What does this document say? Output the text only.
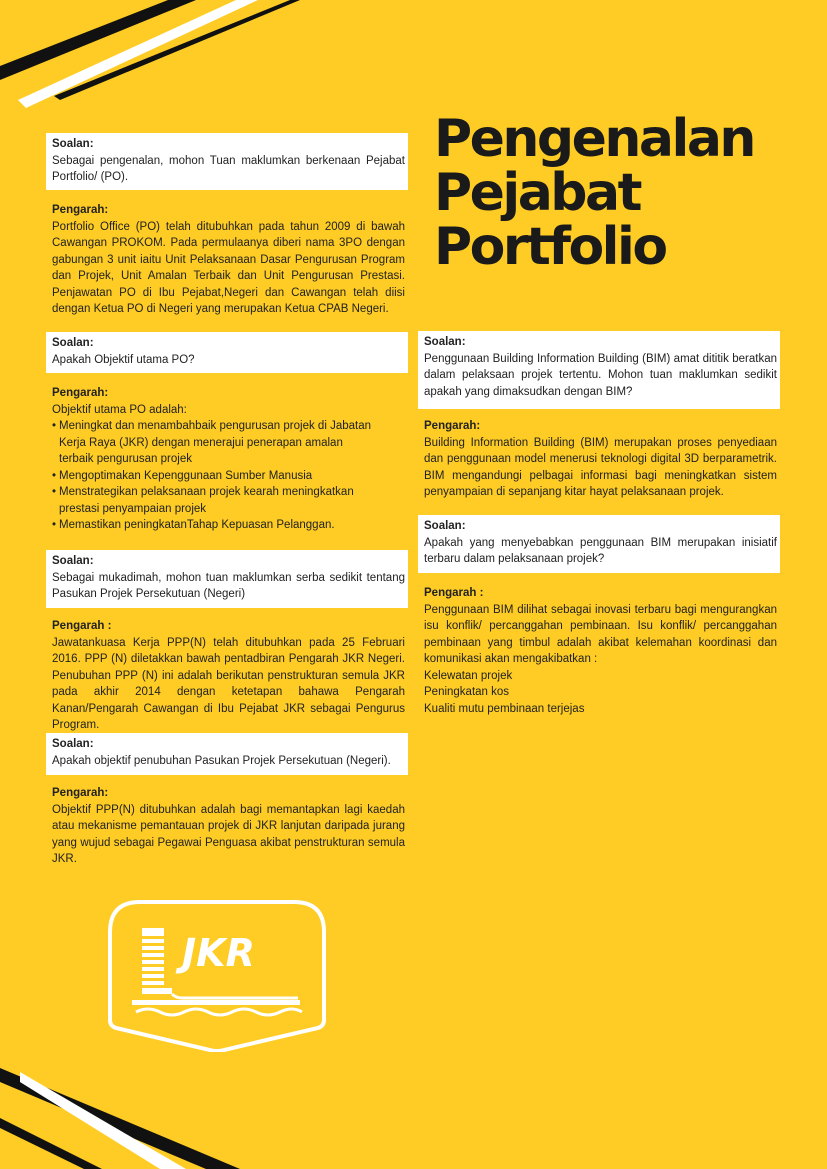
Pengenalan
Pejabat
Portfolio
Soalan:
Sebagai pengenalan, mohon Tuan maklumkan berkenaan Pejabat Portfolio/ (PO).
Pengarah:
Portfolio Office (PO) telah ditubuhkan pada tahun 2009 di bawah Cawangan PROKOM. Pada permulaanya diberi nama 3PO dengan gabungan 3 unit iaitu Unit Pelaksanaan Dasar Pengurusan Program dan Projek, Unit Amalan Terbaik dan Unit Pengurusan Prestasi. Penjawatan PO di Ibu Pejabat,Negeri dan Cawangan telah diisi dengan Ketua PO di Negeri yang merupakan Ketua CPAB Negeri.
Soalan:
Apakah Objektif utama PO?
Pengarah:
Objektif utama PO adalah:
• Meningkat dan menambahbaik pengurusan projek di Jabatan Kerja Raya (JKR) dengan menerajui penerapan amalan terbaik pengurusan projek
• Mengoptimakan Kepenggunaan Sumber Manusia
• Menstrategikan pelaksanaan projek kearah meningkatkan prestasi penyampaian projek
• Memastikan peningkatanTahap Kepuasan Pelanggan.
Soalan:
Sebagai mukadimah, mohon tuan maklumkan serba sedikit tentang Pasukan Projek Persekutuan (Negeri)
Pengarah :
Jawatankuasa Kerja PPP(N) telah ditubuhkan pada 25 Februari 2016. PPP (N) diletakkan bawah pentadbiran Pengarah JKR Negeri. Penubuhan PPP (N) ini adalah berikutan penstrukturan semula JKR pada akhir 2014 dengan ketetapan bahawa Pengarah Kanan/Pengarah Cawangan di Ibu Pejabat JKR sebagai Pengurus Program.
Soalan:
Apakah objektif penubuhan Pasukan Projek Persekutuan (Negeri).
Pengarah:
Objektif PPP(N) ditubuhkan adalah bagi memantapkan lagi kaedah atau mekanisme pemantauan projek di JKR lanjutan daripada jurang yang wujud sebagai Pegawai Penguasa akibat penstrukturan semula JKR.
Soalan:
Penggunaan Building Information Building (BIM) amat dititik beratkan dalam pelaksaan projek tertentu. Mohon tuan maklumkan sedikit apakah yang dimaksudkan dengan BIM?
Pengarah:
Building Information Building (BIM) merupakan proses penyediaan dan penggunaan model menerusi teknologi digital 3D berparametrik. BIM mengandungi pelbagai informasi bagi meningkatkan sistem penyampaian di sepanjang kitar hayat pelaksanaan projek.
Soalan:
Apakah yang menyebabkan penggunaan BIM merupakan inisiatif terbaru dalam pelaksanaan projek?
Pengarah :
Penggunaan BIM dilihat sebagai inovasi terbaru bagi mengurangkan isu konflik/ percanggahan pembinaan. Isu konflik/ percanggahan pembinaan yang timbul adalah akibat kelemahan koordinasi dan komunikasi akan mengakibatkan :
Kelewatan projek
Peningkatan kos
Kualiti mutu pembinaan terjejas
JKR
